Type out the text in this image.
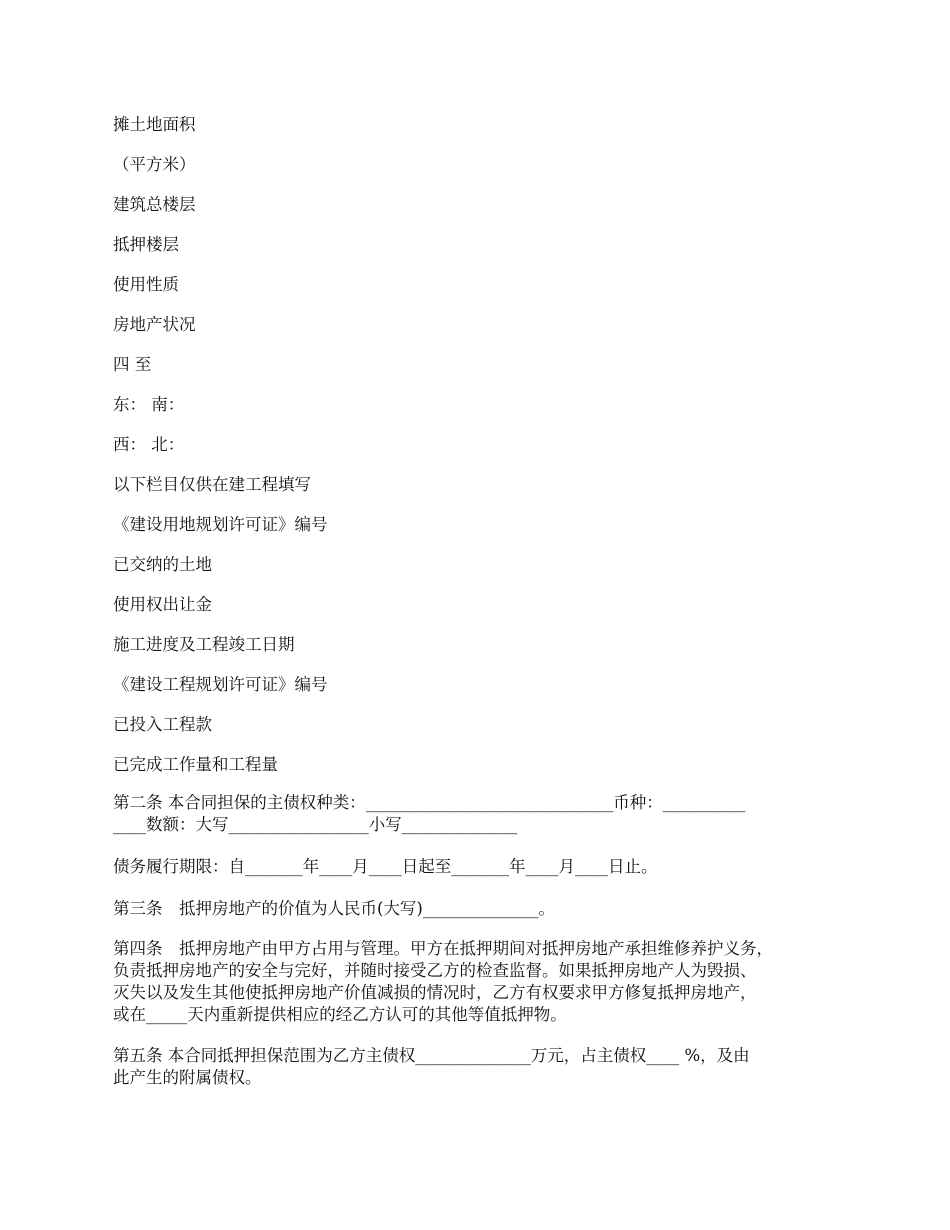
摊土地面积
（平方米）
建筑总楼层
抵押楼层
使用性质
房地产状况
四 至
东： 南：
西： 北：
以下栏目仅供在建工程填写
《建设用地规划许可证》编号
已交纳的土地
使用权出让金
施工进度及工程竣工日期
《建设工程规划许可证》编号
已投入工程款
已完成工作量和工程量
第二条 本合同担保的主债权种类：______________________________币种：__________
____数额：大写_________________小写______________
债务履行期限：自_______年____月____日起至_______年____月____日止。
第三条　抵押房地产的价值为人民币(大写)______________。
第四条　抵押房地产由甲方占用与管理。甲方在抵押期间对抵押房地产承担维修养护义务，
负责抵押房地产的安全与完好，并随时接受乙方的检查监督。如果抵押房地产人为毁损、
灭失以及发生其他使抵押房地产价值减损的情况时，乙方有权要求甲方修复抵押房地产，
或在_____天内重新提供相应的经乙方认可的其他等值抵押物。
第五条 本合同抵押担保范围为乙方主债权______________万元，占主债权____ %，及由
此产生的附属债权。
